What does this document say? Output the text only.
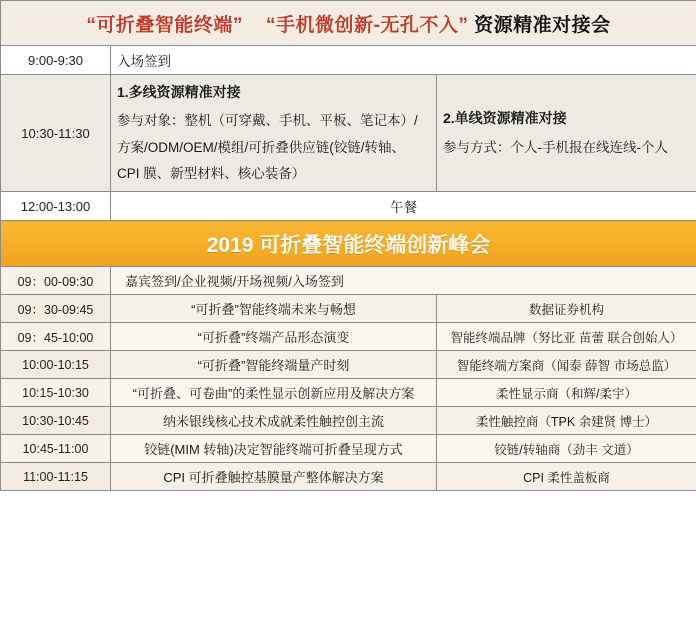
“可折叠智能终端” “手机微创新-无孔不入” 资源精准对接会		
9:00-9:30	入场签到	
10:30-11:30	1.多线资源精准对接
参与对象：整机（可穿戴、手机、平板、笔记本）/
方案/ODM/OEM/模组/可折叠供应链(铰链/转轴、
CPI 膜、新型材料、核心装备）	2.单线资源精准对接
参与方式：个人-手机报在线连线-个人

12:00-13:00	午餐	
2019 可折叠智能终端创新峰会		
09：00-09:30	嘉宾签到/企业视频/开场视频/入场签到	
09：30-09:45	“可折叠”智能终端未来与畅想	数据证券机构
09：45-10:00	“可折叠”终端产品形态演变	智能终端品牌（努比亚 苗蕾 联合创始人）
10:00-10:15	“可折叠”智能终端量产时刻	智能终端方案商（闻泰 薛智 市场总监）
10:15-10:30	“可折叠、可卷曲”的柔性显示创新应用及解决方案	柔性显示商（和辉/柔宇）
10:30-10:45	纳米银线核心技术成就柔性触控创主流	柔性触控商（TPK 余建贤 博士）
10:45-11:00	铰链(MIM 转轴)决定智能终端可折叠呈现方式	铰链/转轴商（劲丰 文道）
11:00-11:15	CPI 可折叠触控基膜量产整体解决方案	CPI 柔性盖板商
